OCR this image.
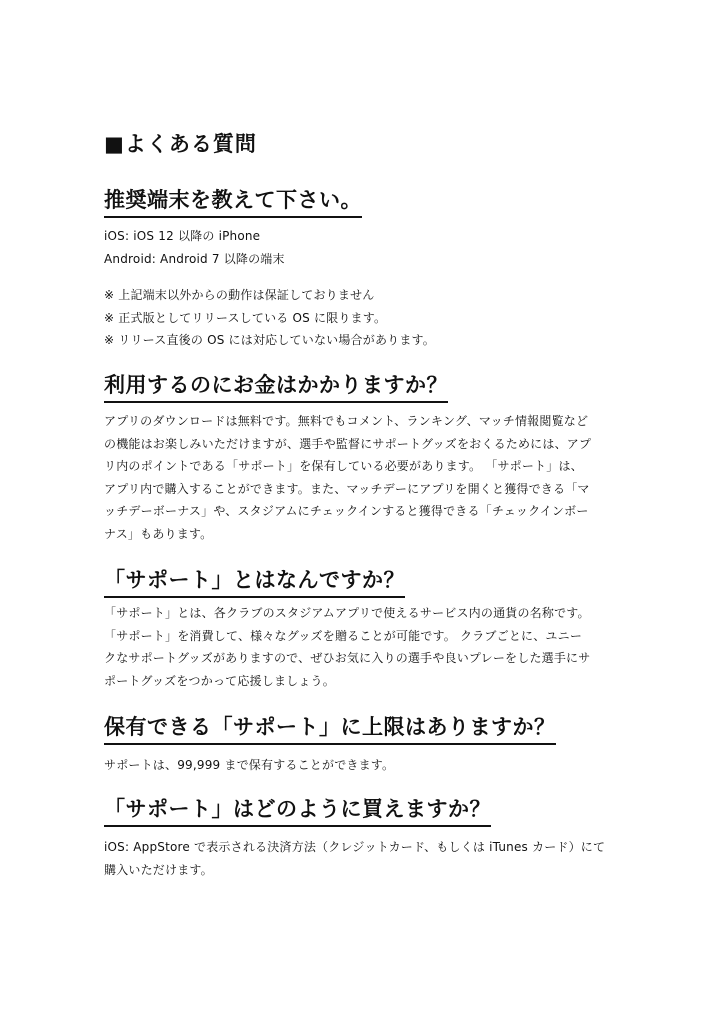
■よくある質問
推奨端末を教えて下さい。
iOS: iOS 12 以降の iPhone
Android: Android 7 以降の端末
※ 上記端末以外からの動作は保証しておりません
※ 正式版としてリリースしている OS に限ります。
※ リリース直後の OS には対応していない場合があります。
利用するのにお金はかかりますか？
アプリのダウンロードは無料です。無料でもコメント、ランキング、マッチ情報閲覧など
の機能はお楽しみいただけますが、選手や監督にサポートグッズをおくるためには、アプ
リ内のポイントである「サポート」を保有している必要があります。 「サポート」は、
アプリ内で購入することができます。また、マッチデーにアプリを開くと獲得できる「マ
ッチデーボーナス」や、スタジアムにチェックインすると獲得できる「チェックインボー
ナス」もあります。
「サポート」とはなんですか？
「サポート」とは、各クラブのスタジアムアプリで使えるサービス内の通貨の名称です。
「サポート」を消費して、様々なグッズを贈ることが可能です。 クラブごとに、ユニー
クなサポートグッズがありますので、ぜひお気に入りの選手や良いプレーをした選手にサ
ポートグッズをつかって応援しましょう。
保有できる「サポート」に上限はありますか？
サポートは、99,999 まで保有することができます。
「サポート」はどのように買えますか？
iOS: AppStore で表示される決済方法（クレジットカード、もしくは iTunes カード）にて
購入いただけます。
